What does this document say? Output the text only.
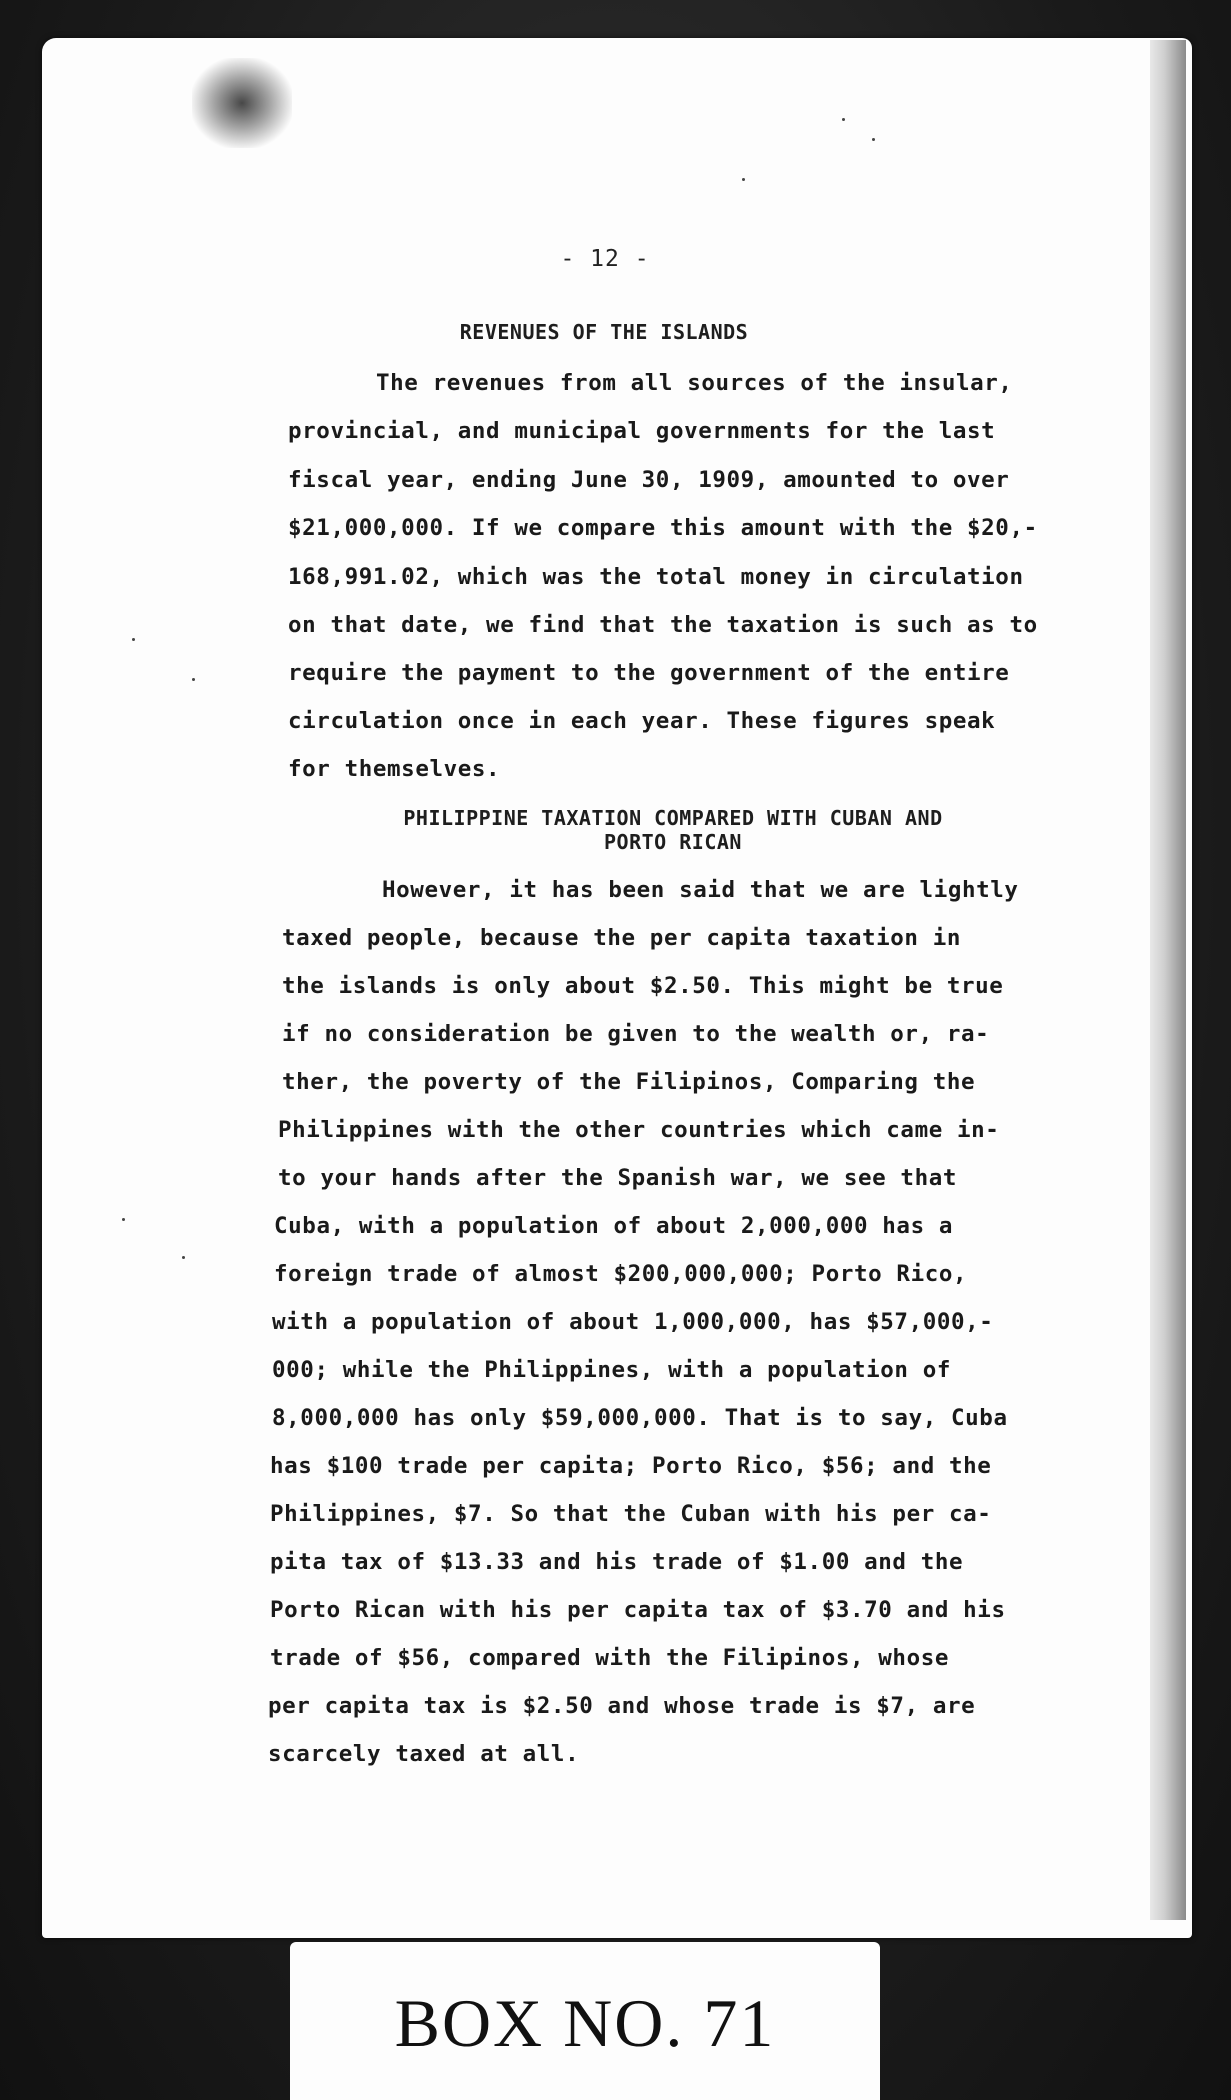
- 12 -
REVENUES OF THE ISLANDS
The revenues from all sources of the insular,
provincial, and municipal governments for the last
fiscal year, ending June 30, 1909, amounted to over
$21,000,000. If we compare this amount with the $20,-
168,991.02, which was the total money in circulation
on that date, we find that the taxation is such as to
require the payment to the government of the entire
circulation once in each year. These figures speak
for themselves.
PHILIPPINE TAXATION COMPARED WITH CUBAN AND
PORTO RICAN
However, it has been said that we are lightly
taxed people, because the per capita taxation in
the islands is only about $2.50. This might be true
if no consideration be given to the wealth or, ra-
ther, the poverty of the Filipinos, Comparing the
Philippines with the other countries which came in-
to your hands after the Spanish war, we see that
Cuba, with a population of about 2,000,000 has a
foreign trade of almost $200,000,000; Porto Rico,
with a population of about 1,000,000, has $57,000,-
000; while the Philippines, with a population of
8,000,000 has only $59,000,000. That is to say, Cuba
has $100 trade per capita; Porto Rico, $56; and the
Philippines, $7. So that the Cuban with his per ca-
pita tax of $13.33 and his trade of $1.00 and the
Porto Rican with his per capita tax of $3.70 and his
trade of $56, compared with the Filipinos, whose
per capita tax is $2.50 and whose trade is $7, are
scarcely taxed at all.
BOX NO. 71
